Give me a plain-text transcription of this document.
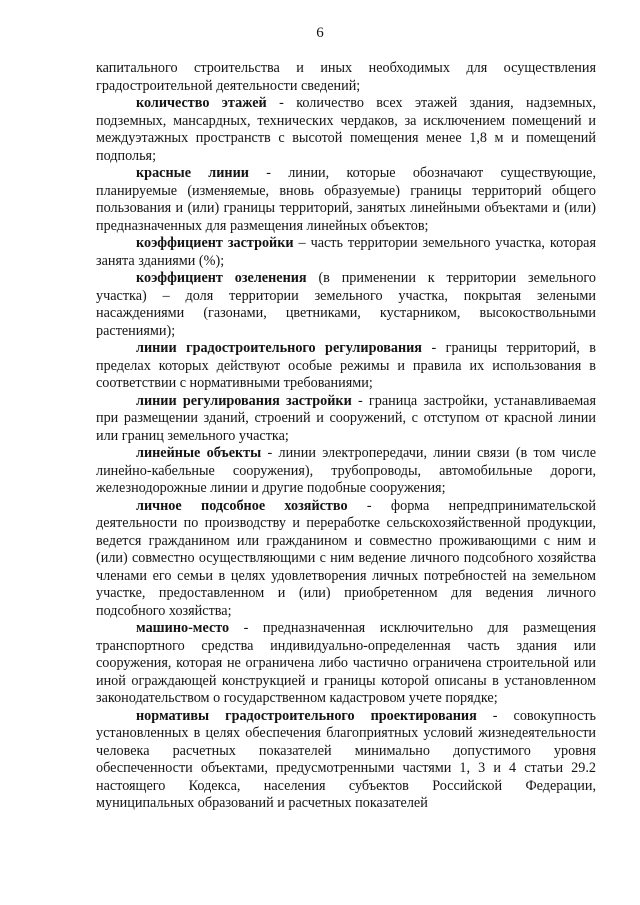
6

капитального строительства и иных необходимых для осуществления градостроительной деятельности сведений;

количество этажей - количество всех этажей здания, надземных, подземных, мансардных, технических чердаков, за исключением помещений и междуэтажных пространств с высотой помещения менее 1,8 м и помещений подполья;

красные линии - линии, которые обозначают существующие, планируемые (изменяемые, вновь образуемые) границы территорий общего пользования и (или) границы территорий, занятых линейными объектами и (или) предназначенных для размещения линейных объектов;

коэффициент застройки – часть территории земельного участка, которая занята зданиями (%);

коэффициент озеленения (в применении к территории земельного участка) – доля территории земельного участка, покрытая зелеными насаждениями (газонами, цветниками, кустарником, высокоствольными растениями);

линии градостроительного регулирования - границы территорий, в пределах которых действуют особые режимы и правила их использования в соответствии с нормативными требованиями;

линии регулирования застройки - граница застройки, устанавливаемая при размещении зданий, строений и сооружений, с отступом от красной линии или границ земельного участка;

линейные объекты - линии электропередачи, линии связи (в том числе линейно-кабельные сооружения), трубопроводы, автомобильные дороги, железнодорожные линии и другие подобные сооружения;

личное подсобное хозяйство - форма непредпринимательской деятельности по производству и переработке сельскохозяйственной продукции, ведется гражданином или гражданином и совместно проживающими с ним и (или) совместно осуществляющими с ним ведение личного подсобного хозяйства членами его семьи в целях удовлетворения личных потребностей на земельном участке, предоставленном и (или) приобретенном для ведения личного подсобного хозяйства;

машино-место - предназначенная исключительно для размещения транспортного средства индивидуально-определенная часть здания или сооружения, которая не ограничена либо частично ограничена строительной или иной ограждающей конструкцией и границы которой описаны в установленном законодательством о государственном кадастровом учете порядке;

нормативы градостроительного проектирования - совокупность установленных в целях обеспечения благоприятных условий жизнедеятельности человека расчетных показателей минимально допустимого уровня обеспеченности объектами, предусмотренными частями 1, 3 и 4 статьи 29.2 настоящего Кодекса, населения субъектов Российской Федерации, муниципальных образований и расчетных показателей
